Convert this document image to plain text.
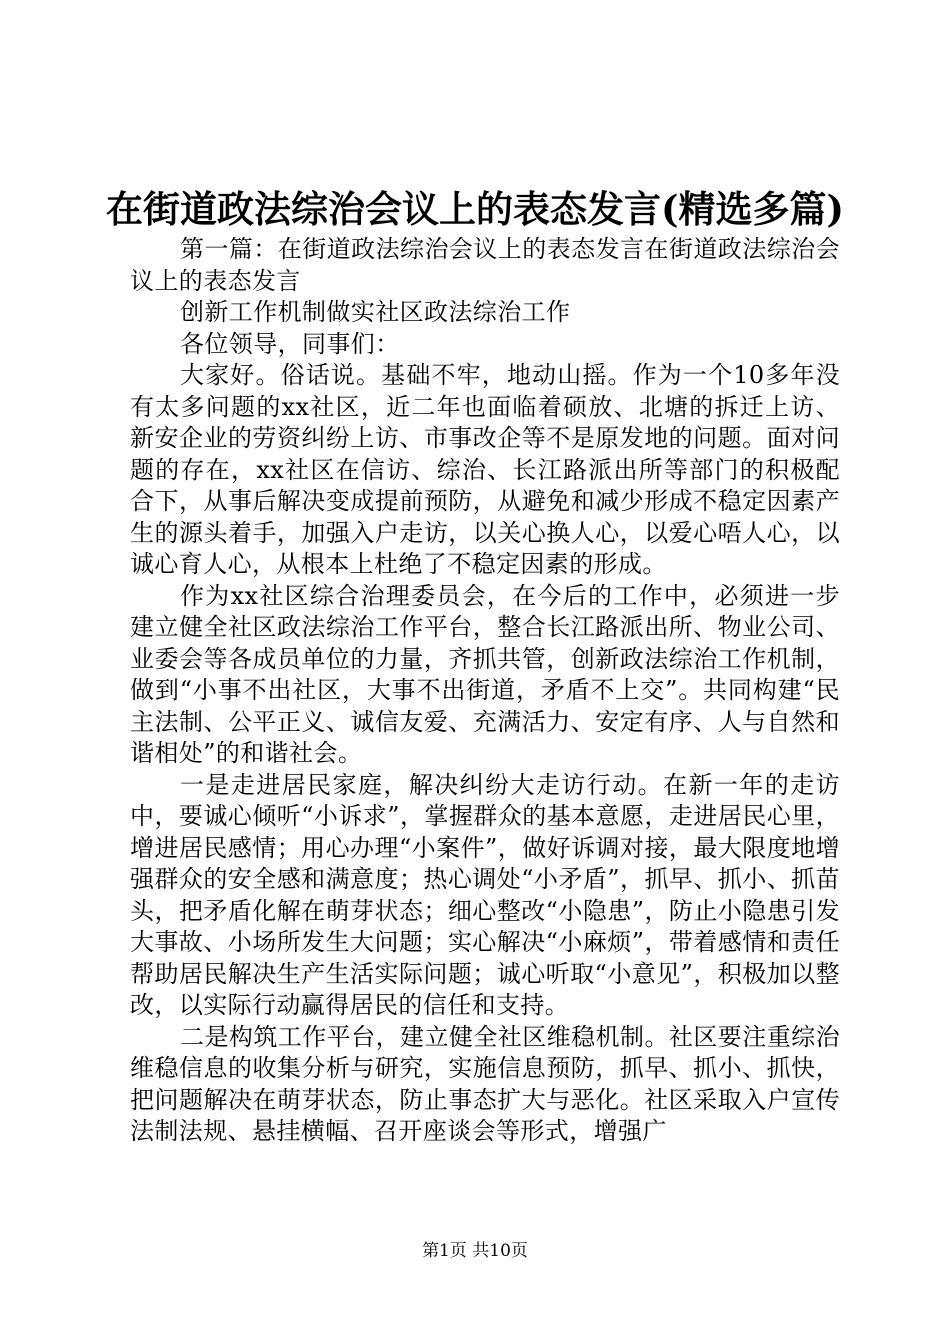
在街道政法综治会议上的表态发言(精选多篇)

第一篇：在街道政法综治会议上的表态发言在街道政法综治会议上的表态发言

创新工作机制做实社区政法综治工作

各位领导，同事们：

大家好。俗话说。基础不牢，地动山摇。作为一个10多年没有太多问题的xx社区，近二年也面临着硕放、北塘的拆迁上访、新安企业的劳资纠纷上访、市事改企等不是原发地的问题。面对问题的存在，xx社区在信访、综治、长江路派出所等部门的积极配合下，从事后解决变成提前预防，从避免和减少形成不稳定因素产生的源头着手，加强入户走访，以关心换人心，以爱心唔人心，以诚心育人心，从根本上杜绝了不稳定因素的形成。

作为xx社区综合治理委员会，在今后的工作中，必须进一步建立健全社区政法综治工作平台，整合长江路派出所、物业公司、业委会等各成员单位的力量，齐抓共管，创新政法综治工作机制，做到“小事不出社区，大事不出街道，矛盾不上交”。共同构建“民主法制、公平正义、诚信友爱、充满活力、安定有序、人与自然和谐相处”的和谐社会。

一是走进居民家庭，解决纠纷大走访行动。在新一年的走访中，要诚心倾听“小诉求”，掌握群众的基本意愿，走进居民心里，增进居民感情；用心办理“小案件”，做好诉调对接，最大限度地增强群众的安全感和满意度；热心调处“小矛盾”，抓早、抓小、抓苗头，把矛盾化解在萌芽状态；细心整改“小隐患”，防止小隐患引发大事故、小场所发生大问题；实心解决“小麻烦”，带着感情和责任帮助居民解决生产生活实际问题；诚心听取“小意见”，积极加以整改，以实际行动赢得居民的信任和支持。

二是构筑工作平台，建立健全社区维稳机制。社区要注重综治维稳信息的收集分析与研究，实施信息预防，抓早、抓小、抓快，把问题解决在萌芽状态，防止事态扩大与恶化。社区采取入户宣传法制法规、悬挂横幅、召开座谈会等形式，增强广

第1页 共10页
